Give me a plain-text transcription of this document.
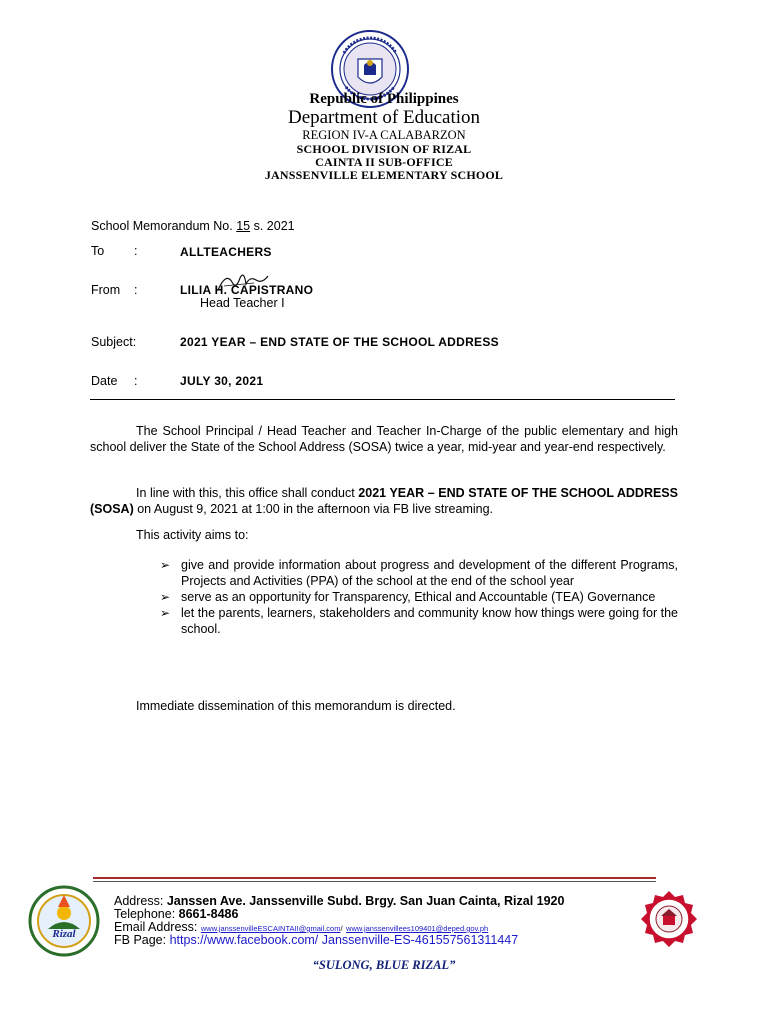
Republic of Philippines
Department of Education
REGION IV-A CALABARZON
SCHOOL DIVISION OF RIZAL
CAINTA II SUB-OFFICE
JANSSENVILLE ELEMENTARY SCHOOL
School Memorandum No. 15 s. 2021
To :	ALLTEACHERS
From :	LILIA H. CAPISTRANO
Head Teacher I
Subject:	2021 YEAR – END STATE OF THE SCHOOL ADDRESS
Date :	JULY 30, 2021
The School Principal / Head Teacher and Teacher In-Charge of the public elementary and high school deliver the State of the School Address (SOSA) twice a year, mid-year and year-end respectively.
In line with this, this office shall conduct 2021 YEAR – END STATE OF THE SCHOOL ADDRESS (SOSA) on August 9, 2021 at 1:00 in the afternoon via FB live streaming.
This activity aims to:
➢ give and provide information about progress and development of the different Programs, Projects and Activities (PPA) of the school at the end of the school year
➢ serve as an opportunity for Transparency, Ethical and Accountable (TEA) Governance
➢ let the parents, learners, stakeholders and community know how things were going for the school.
Immediate dissemination of this memorandum is directed.
Rizal
Address: Janssen Ave. Janssenville Subd. Brgy. San Juan Cainta, Rizal 1920
Telephone: 8661-8486
Email Address: www.janssenvilleESCAINTAII@gmail.com/ www.janssenvillees109401@deped.gov.ph
FB Page: https://www.facebook.com/ Janssenville-ES-461557561311447
“SULONG, BLUE RIZAL”
